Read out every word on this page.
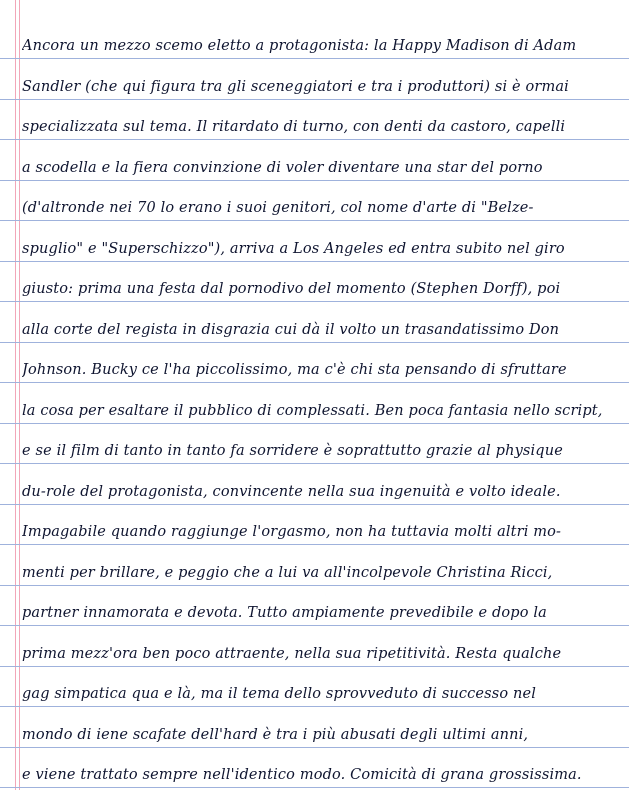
Ancora un mezzo scemo eletto a protagonista: la Happy Madison di Adam
Sandler (che qui figura tra gli sceneggiatori e tra i produttori) si è ormai
specializzata sul tema. Il ritardato di turno, con denti da castoro, capelli
a scodella e la fiera convinzione di voler diventare una star del porno
(d'altronde nei 70 lo erano i suoi genitori, col nome d'arte di "Belze-
spuglio" e "Superschizzo"), arriva a Los Angeles ed entra subito nel giro
giusto: prima una festa dal pornodivo del momento (Stephen Dorff), poi
alla corte del regista in disgrazia cui dà il volto un trasandatissimo Don
Johnson. Bucky ce l'ha piccolissimo, ma c'è chi sta pensando di sfruttare
la cosa per esaltare il pubblico di complessati. Ben poca fantasia nello script,
e se il film di tanto in tanto fa sorridere è soprattutto grazie al physique
du-role del protagonista, convincente nella sua ingenuità e volto ideale.
Impagabile quando raggiunge l'orgasmo, non ha tuttavia molti altri mo-
menti per brillare, e peggio che a lui va all'incolpevole Christina Ricci,
partner innamorata e devota. Tutto ampiamente prevedibile e dopo la
prima mezz'ora ben poco attraente, nella sua ripetitività. Resta qualche
gag simpatica qua e là, ma il tema dello sprovveduto di successo nel
mondo di iene scafate dell'hard è tra i più abusati degli ultimi anni,
e viene trattato sempre nell'identico modo. Comicità di grana grossissima.
